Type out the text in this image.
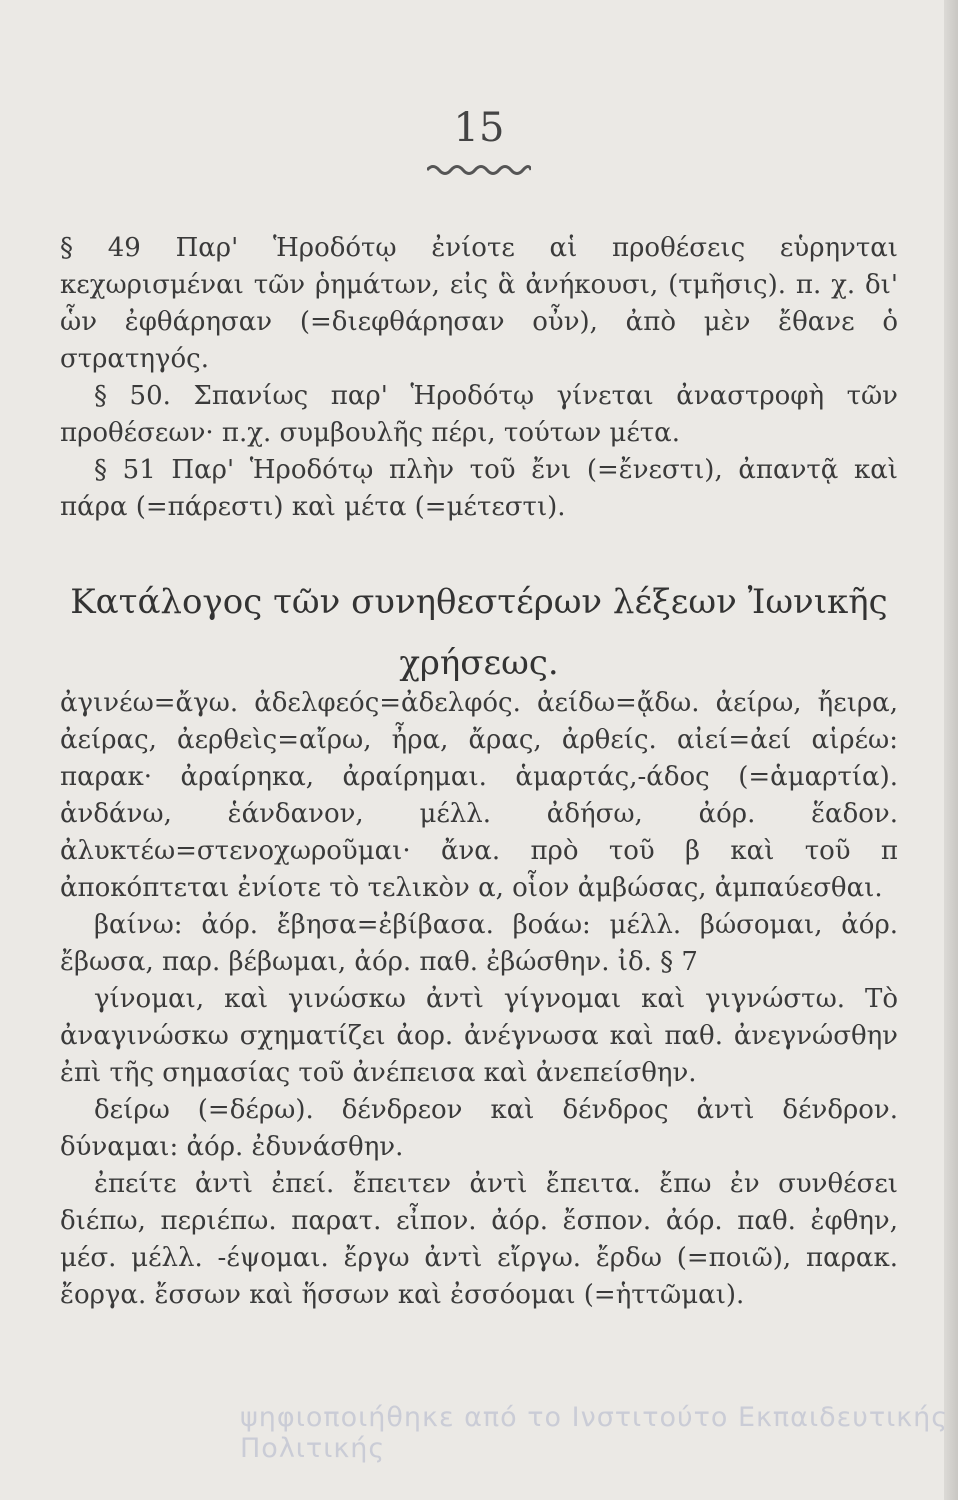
15

§ 49 Παρ' Ἡροδότῳ ἐνίοτε αἱ προθέσεις εὑρηνται κεχωρισμέναι τῶν ῥημάτων, εἰς ἃ ἀνήκουσι, (τμῆσις). π. χ. δι' ὧν ἐφθάρησαν (=διεφθάρησαν οὖν), ἀπὸ μὲν ἔθανε ὁ στρατηγός.

§ 50. Σπανίως παρ' Ἡροδότῳ γίνεται ἀναστροφὴ τῶν προθέσεων· π.χ. συμβουλῆς πέρι, τούτων μέτα.

§ 51 Παρ' Ἡροδότῳ πλὴν τοῦ ἔνι (=ἔνεστι), ἀπαντᾷ καὶ πάρα (=πάρεστι) καὶ μέτα (=μέτεστι).

Κατάλογος τῶν συνηθεστέρων λέξεων Ἰωνικῆς
χρήσεως.

ἀγινέω=ἄγω. ἀδελφεός=ἀδελφός. ἀείδω=ᾄδω. ἀείρω, ἤειρα, ἀείρας, ἀερθεὶς=αἴρω, ἦρα, ἄρας, ἀρθείς. αἰεί=ἀεί αἱρέω: παρακ· ἀραίρηκα, ἀραίρημαι. ἁμαρτάς,-άδος (=ἁμαρτία). ἁνδάνω, ἑάνδανον, μέλλ. ἀδήσω, ἀόρ. ἕαδον. ἀλυκτέω=στενοχωροῦμαι· ἄνα. πρὸ τοῦ β καὶ τοῦ π ἀποκόπτεται ἐνίοτε τὸ τελικὸν α, οἷον ἀμβώσας, ἀμπαύεσθαι.

βαίνω: ἀόρ. ἔβησα=ἐβίβασα. βοάω: μέλλ. βώσομαι, ἀόρ. ἔβωσα, παρ. βέβωμαι, ἀόρ. παθ. ἐβώσθην. ἰδ. § 7

γίνομαι, καὶ γινώσκω ἀντὶ γίγνομαι καὶ γιγνώστω. Τὸ ἀναγινώσκω σχηματίζει ἀορ. ἀνέγνωσα καὶ παθ. ἀνεγνώσθην ἐπὶ τῆς σημασίας τοῦ ἀνέπεισα καὶ ἀνεπείσθην.

δείρω (=δέρω). δένδρεον καὶ δένδρος ἀντὶ δένδρον. δύναμαι: ἀόρ. ἐδυνάσθην.

ἐπείτε ἀντὶ ἐπεί. ἔπειτεν ἀντὶ ἔπειτα. ἔπω ἐν συνθέσει διέπω, περιέπω. παρατ. εἶπον. ἀόρ. ἔσπον. ἀόρ. παθ. ἐφθην, μέσ. μέλλ. -έψομαι. ἔργω ἀντὶ εἴργω. ἔρδω (=ποιῶ), παρακ. ἔοργα. ἔσσων καὶ ἥσσων καὶ ἐσσόομαι (=ἡττῶμαι).

ψηφιοποιήθηκε από το Ινστιτούτο Εκπαιδευτικής Πολιτικής
